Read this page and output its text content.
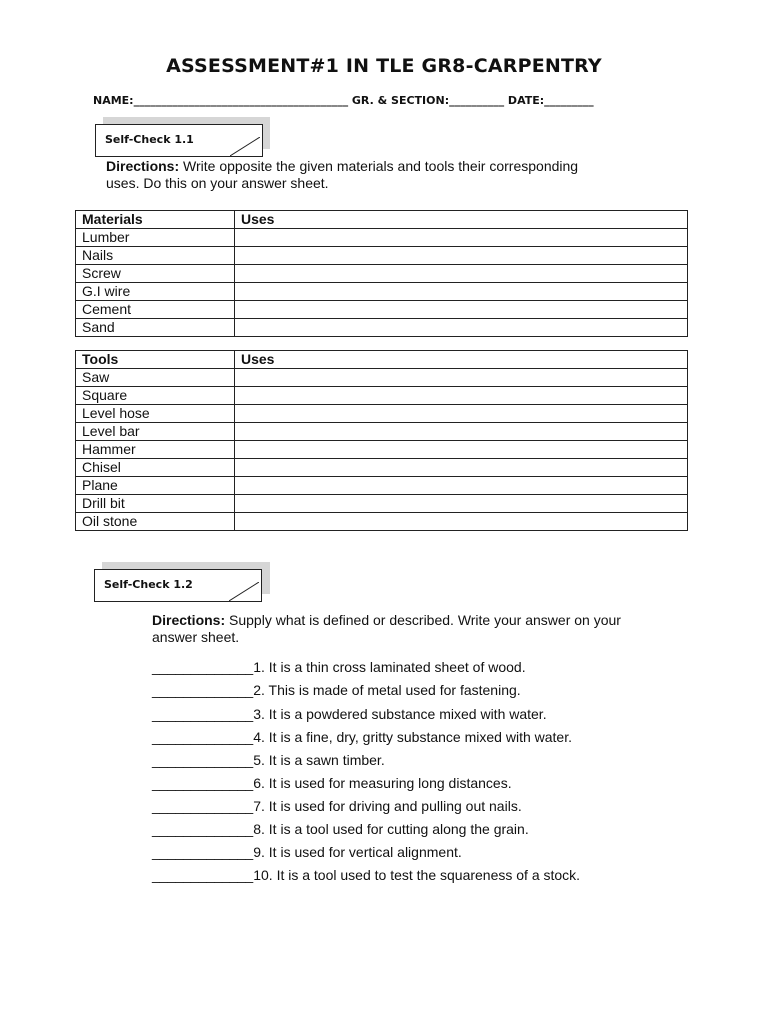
ASSESSMENT#1 IN TLE GR8-CARPENTRY
NAME:_______________________________________ GR. & SECTION:__________ DATE:_________
Self-Check 1.1
Directions: Write opposite the given materials and tools their corresponding uses. Do this on your answer sheet.
Materials	Uses
Lumber	
Nails	
Screw	
G.I wire	
Cement	
Sand	
Tools	Uses
Saw	
Square	
Level hose	
Level bar	
Hammer	
Chisel	
Plane	
Drill bit	
Oil stone	
Self-Check 1.2
Directions: Supply what is defined or described. Write your answer on your answer sheet.
_____________1. It is a thin cross laminated sheet of wood.
_____________2. This is made of metal used for fastening.
_____________3. It is a powdered substance mixed with water.
_____________4. It is a fine, dry, gritty substance mixed with water.
_____________5. It is a sawn timber.
_____________6. It is used for measuring long distances.
_____________7. It is used for driving and pulling out nails.
_____________8. It is a tool used for cutting along the grain.
_____________9. It is used for vertical alignment.
_____________10. It is a tool used to test the squareness of a stock.
